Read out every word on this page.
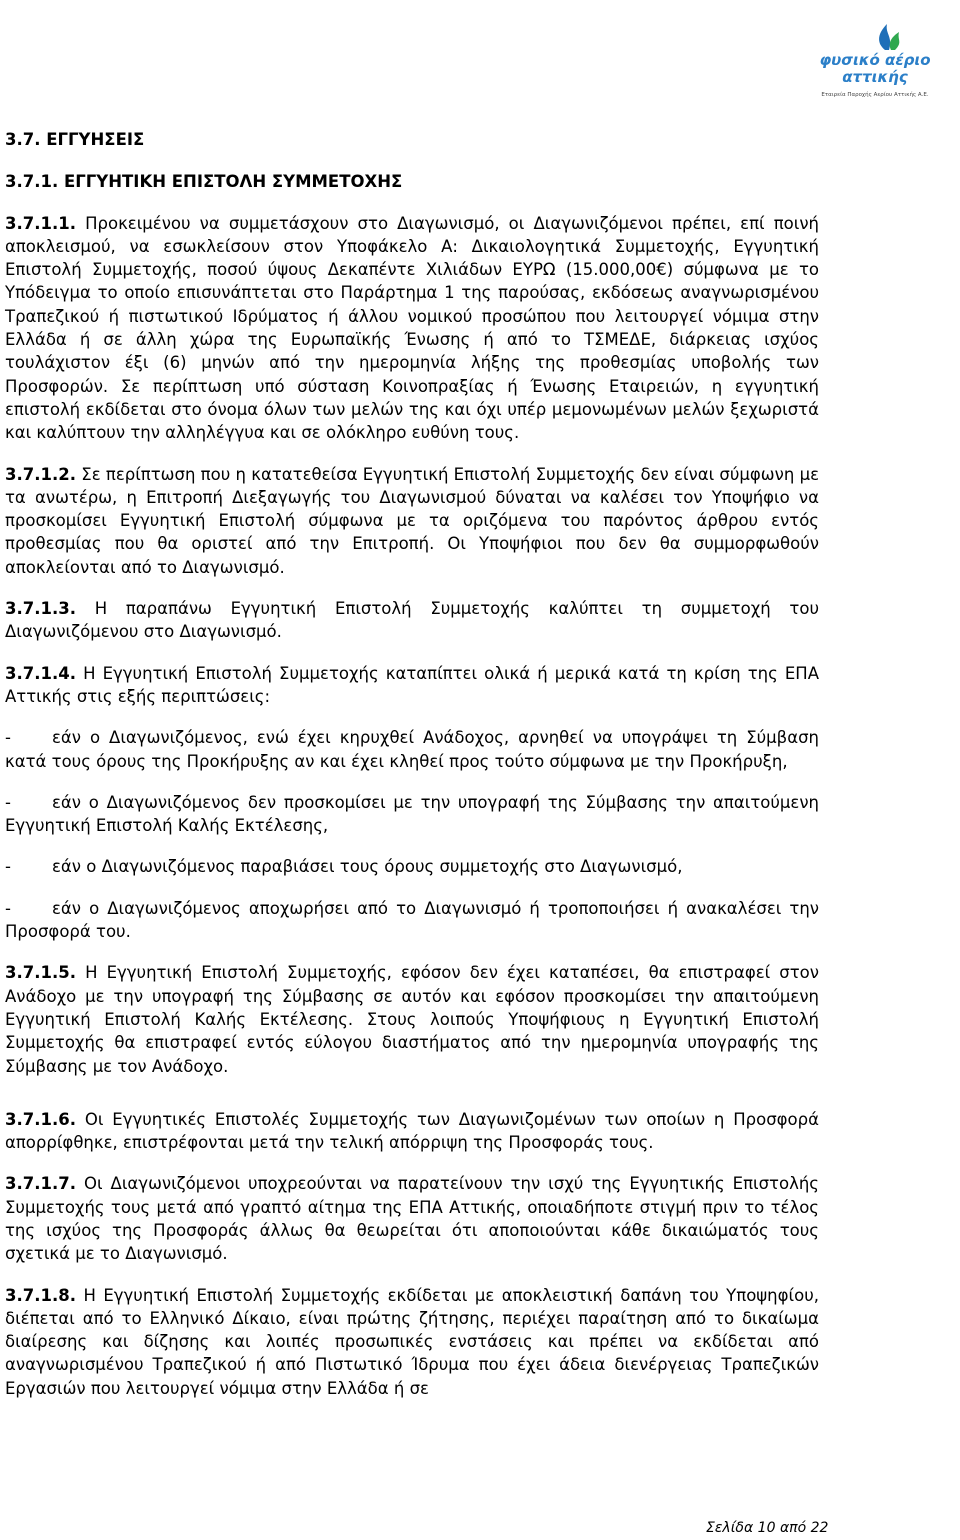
φυσικό αέριο
αττικής
Εταιρεία Παροχής Αερίου Αττικής Α.Ε.
3.7. ΕΓΓΥΗΣΕΙΣ
3.7.1. ΕΓΓΥΗΤΙΚΗ ΕΠΙΣΤΟΛΗ ΣΥΜΜΕΤΟΧΗΣ

3.7.1.1. Προκειμένου να συμμετάσχουν στο Διαγωνισμό, οι Διαγωνιζόμενοι πρέπει, επί ποινή αποκλεισμού, να εσωκλείσουν στον Υποφάκελο Α: Δικαιολογητικά Συμμετοχής, Εγγυητική Επιστολή Συμμετοχής, ποσού ύψους Δεκαπέντε Χιλιάδων ΕΥΡΩ (15.000,00€) σύμφωνα με το Υπόδειγμα το οποίο επισυνάπτεται στο Παράρτημα 1 της παρούσας, εκδόσεως αναγνωρισμένου Τραπεζικού ή πιστωτικού Ιδρύματος ή άλλου νομικού προσώπου που λειτουργεί νόμιμα στην Ελλάδα ή σε άλλη χώρα της Ευρωπαϊκής Ένωσης ή από το ΤΣΜΕΔΕ, διάρκειας ισχύος τουλάχιστον έξι (6) μηνών από την ημερομηνία λήξης της προθεσμίας υποβολής των Προσφορών. Σε περίπτωση υπό σύσταση Κοινοπραξίας ή Ένωσης Εταιρειών, η εγγυητική επιστολή εκδίδεται στο όνομα όλων των μελών της και όχι υπέρ μεμονωμένων μελών ξεχωριστά και καλύπτουν την αλληλέγγυα και σε ολόκληρο ευθύνη τους.

3.7.1.2. Σε περίπτωση που η κατατεθείσα Εγγυητική Επιστολή Συμμετοχής δεν είναι σύμφωνη με τα ανωτέρω, η Επιτροπή Διεξαγωγής του Διαγωνισμού δύναται να καλέσει τον Υποψήφιο να προσκομίσει Εγγυητική Επιστολή σύμφωνα με τα οριζόμενα του παρόντος άρθρου εντός προθεσμίας που θα οριστεί από την Επιτροπή. Οι Υποψήφιοι που δεν θα συμμορφωθούν αποκλείονται από το Διαγωνισμό.

3.7.1.3. Η παραπάνω Εγγυητική Επιστολή Συμμετοχής καλύπτει τη συμμετοχή του Διαγωνιζόμενου στο Διαγωνισμό.

3.7.1.4. Η Εγγυητική Επιστολή Συμμετοχής καταπίπτει ολικά ή μερικά κατά τη κρίση της ΕΠΑ Αττικής στις εξής περιπτώσεις:

- εάν ο Διαγωνιζόμενος, ενώ έχει κηρυχθεί Ανάδοχος, αρνηθεί να υπογράψει τη Σύμβαση κατά τους όρους της Προκήρυξης αν και έχει κληθεί προς τούτο σύμφωνα με την Προκήρυξη,

- εάν ο Διαγωνιζόμενος δεν προσκομίσει με την υπογραφή της Σύμβασης την απαιτούμενη Εγγυητική Επιστολή Καλής Εκτέλεσης,

- εάν ο Διαγωνιζόμενος παραβιάσει τους όρους συμμετοχής στο Διαγωνισμό,

- εάν ο Διαγωνιζόμενος αποχωρήσει από το Διαγωνισμό ή τροποποιήσει ή ανακαλέσει την Προσφορά του.

3.7.1.5. Η Εγγυητική Επιστολή Συμμετοχής, εφόσον δεν έχει καταπέσει, θα επιστραφεί στον Ανάδοχο με την υπογραφή της Σύμβασης σε αυτόν και εφόσον προσκομίσει την απαιτούμενη Εγγυητική Επιστολή Καλής Εκτέλεσης. Στους λοιπούς Υποψήφιους η Εγγυητική Επιστολή Συμμετοχής θα επιστραφεί εντός εύλογου διαστήματος από την ημερομηνία υπογραφής της Σύμβασης με τον Ανάδοχο.

3.7.1.6. Οι Εγγυητικές Επιστολές Συμμετοχής των Διαγωνιζομένων των οποίων η Προσφορά απορρίφθηκε, επιστρέφονται μετά την τελική απόρριψη της Προσφοράς τους.

3.7.1.7. Οι Διαγωνιζόμενοι υποχρεούνται να παρατείνουν την ισχύ της Εγγυητικής Επιστολής Συμμετοχής τους μετά από γραπτό αίτημα της ΕΠΑ Αττικής, οποιαδήποτε στιγμή πριν το τέλος της ισχύος της Προσφοράς άλλως θα θεωρείται ότι αποποιούνται κάθε δικαιώματός τους σχετικά με το Διαγωνισμό.

3.7.1.8. Η Εγγυητική Επιστολή Συμμετοχής εκδίδεται με αποκλειστική δαπάνη του Υποψηφίου, διέπεται από το Ελληνικό Δίκαιο, είναι πρώτης ζήτησης, περιέχει παραίτηση από το δικαίωμα διαίρεσης και δίζησης και λοιπές προσωπικές ενστάσεις και πρέπει να εκδίδεται από αναγνωρισμένου Τραπεζικού ή από Πιστωτικό Ίδρυμα που έχει άδεια διενέργειας Τραπεζικών Εργασιών που λειτουργεί νόμιμα στην Ελλάδα ή σε

Σελίδα 10 από 22
